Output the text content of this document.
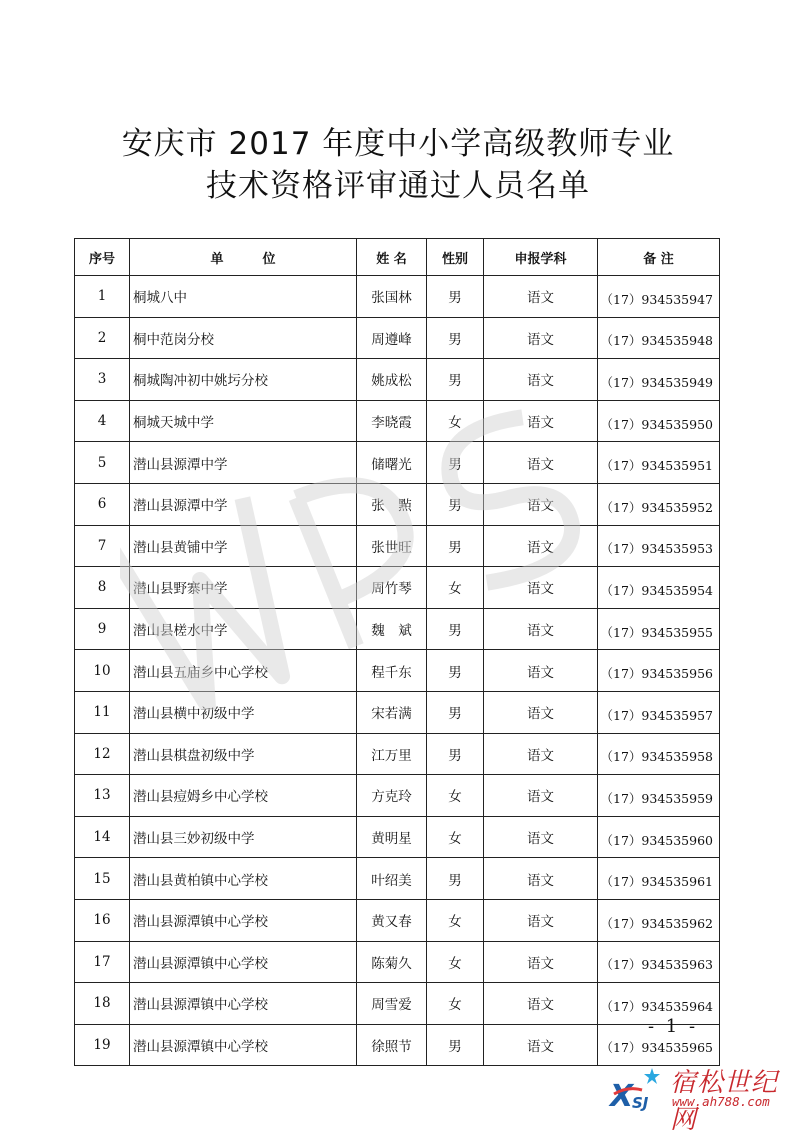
安庆市 2017 年度中小学高级教师专业
技术资格评审通过人员名单
序号	单　　　位	姓 名	性别	申报学科	备 注
1	桐城八中	张国林	男	语文	（17）934535947
2	桐中范岗分校	周遵峰	男	语文	（17）934535948
3	桐城陶冲初中姚圬分校	姚成松	男	语文	（17）934535949
4	桐城天城中学	李晓霞	女	语文	（17）934535950
5	潜山县源潭中学	储曙光	男	语文	（17）934535951
6	潜山县源潭中学	张　㸃	男	语文	（17）934535952
7	潜山县黄铺中学	张世旺	男	语文	（17）934535953
8	潜山县野寨中学	周竹琴	女	语文	（17）934535954
9	潜山县槎水中学	魏　斌	男	语文	（17）934535955
10	潜山县五庙乡中心学校	程千东	男	语文	（17）934535956
11	潜山县横中初级中学	宋若满	男	语文	（17）934535957
12	潜山县棋盘初级中学	江万里	男	语文	（17）934535958
13	潜山县痘姆乡中心学校	方克玲	女	语文	（17）934535959
14	潜山县三妙初级中学	黄明星	女	语文	（17）934535960
15	潜山县黄柏镇中心学校	叶绍美	男	语文	（17）934535961
16	潜山县源潭镇中心学校	黄又春	女	语文	（17）934535962
17	潜山县源潭镇中心学校	陈菊久	女	语文	（17）934535963
18	潜山县源潭镇中心学校	周雪爱	女	语文	（17）934535964
19	潜山县源潭镇中心学校	徐照节	男	语文	（17）934535965
- 1 -
X
SJ
宿松世纪网
www.ah788.com
